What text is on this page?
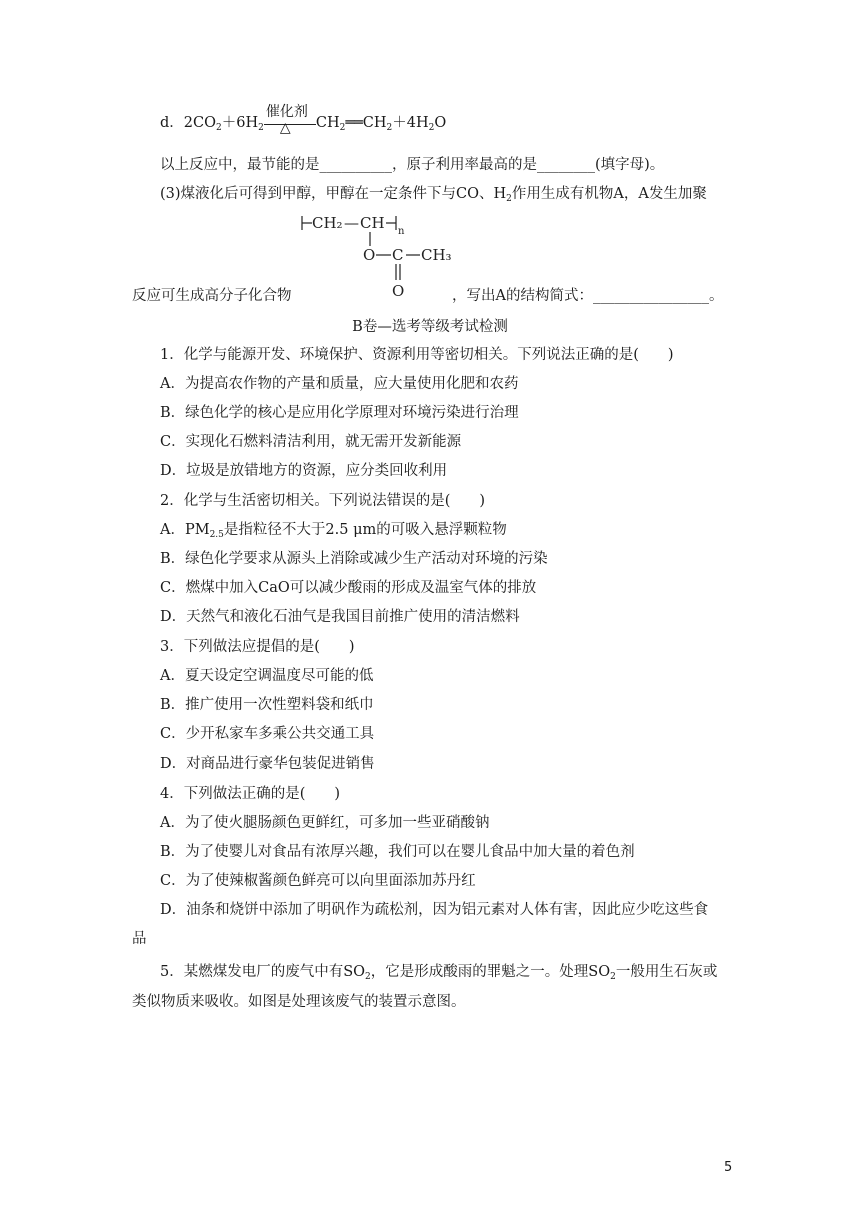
d．$2CO_2+6H_2$
催化剂
△ $CH_2══CH_2+4H_2O$
以上反应中，最节能的是__________，原子利用率最高的是________(填字母)。
(3)煤液化后可得到甲醇，甲醇在一定条件下与CO、$H_2$作用生成有机物A，A发生加聚
CH₂ — CH n
O C CH₃
O
反应可生成高分子化合物	，写出A的结构简式：________________。
B卷—选考等级考试检测
1．化学与能源开发、环境保护、资源利用等密切相关。下列说法正确的是(　　)
A．为提高农作物的产量和质量，应大量使用化肥和农药
B．绿色化学的核心是应用化学原理对环境污染进行治理
C．实现化石燃料清洁利用，就无需开发新能源
D．垃圾是放错地方的资源，应分类回收利用
2．化学与生活密切相关。下列说法错误的是(　　)
A．$PM_{2.5}$是指粒径不大于2.5 μm的可吸入悬浮颗粒物
B．绿色化学要求从源头上消除或减少生产活动对环境的污染
C．燃煤中加入CaO可以减少酸雨的形成及温室气体的排放
D．天然气和液化石油气是我国目前推广使用的清洁燃料
3．下列做法应提倡的是(　　)
A．夏天设定空调温度尽可能的低
B．推广使用一次性塑料袋和纸巾
C．少开私家车多乘公共交通工具
D．对商品进行豪华包装促进销售
4．下列做法正确的是(　　)
A．为了使火腿肠颜色更鲜红，可多加一些亚硝酸钠
B．为了使婴儿对食品有浓厚兴趣，我们可以在婴儿食品中加大量的着色剂
C．为了使辣椒酱颜色鲜亮可以向里面添加苏丹红
D．油条和烧饼中添加了明矾作为疏松剂，因为铝元素对人体有害，因此应少吃这些食
品
5．某燃煤发电厂的废气中有$SO_2$，它是形成酸雨的罪魁之一。处理$SO_2$一般用生石灰或
类似物质来吸收。如图是处理该废气的装置示意图。
5
